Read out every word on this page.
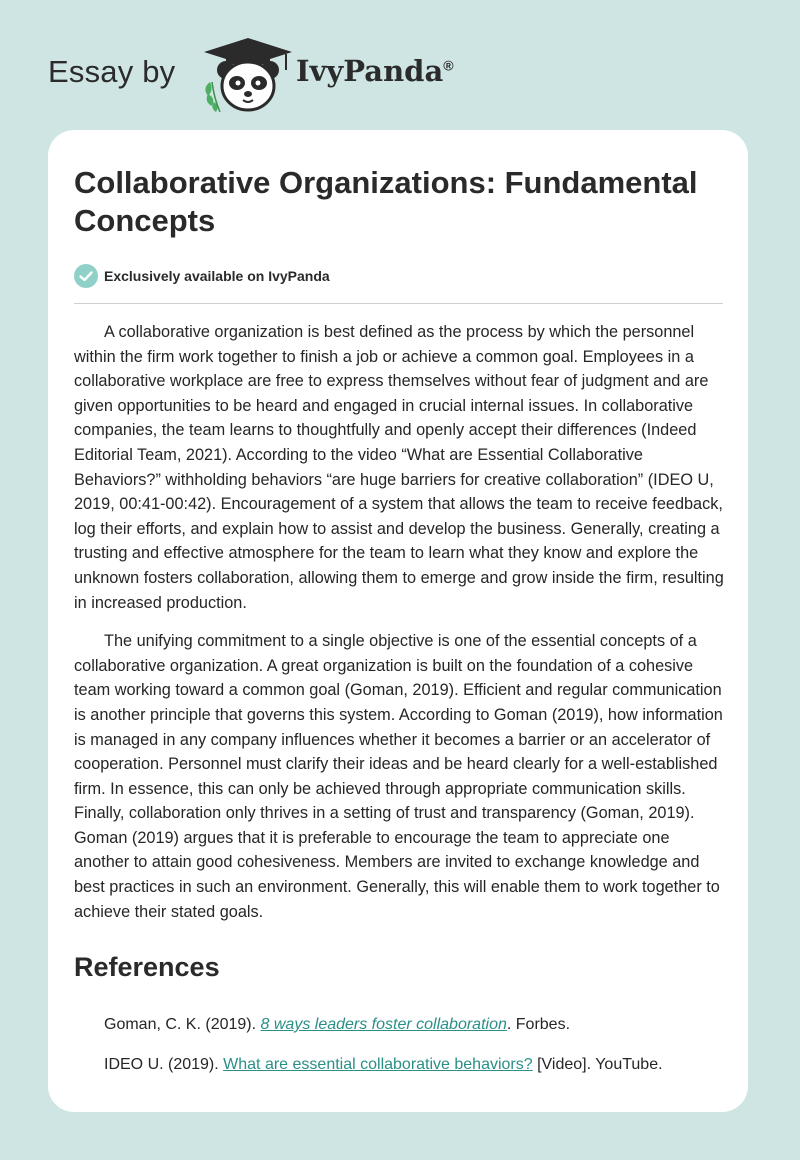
Essay by	IvyPanda®
Collaborative Organizations: Fundamental Concepts
Exclusively available on IvyPanda

A collaborative organization is best defined as the process by which the personnel within the firm work together to finish a job or achieve a common goal. Employees in a collaborative workplace are free to express themselves without fear of judgment and are given opportunities to be heard and engaged in crucial internal issues. In collaborative companies, the team learns to thoughtfully and openly accept their differences (Indeed Editorial Team, 2021). According to the video “What are Essential Collaborative Behaviors?” withholding behaviors “are huge barriers for creative collaboration” (IDEO U, 2019, 00:41-00:42). Encouragement of a system that allows the team to receive feedback, log their efforts, and explain how to assist and develop the business. Generally, creating a trusting and effective atmosphere for the team to learn what they know and explore the unknown fosters collaboration, allowing them to emerge and grow inside the firm, resulting in increased production.

The unifying commitment to a single objective is one of the essential concepts of a collaborative organization. A great organization is built on the foundation of a cohesive team working toward a common goal (Goman, 2019). Efficient and regular communication is another principle that governs this system. According to Goman (2019), how information is managed in any company influences whether it becomes a barrier or an accelerator of cooperation. Personnel must clarify their ideas and be heard clearly for a well-established firm. In essence, this can only be achieved through appropriate communication skills. Finally, collaboration only thrives in a setting of trust and transparency (Goman, 2019). Goman (2019) argues that it is preferable to encourage the team to appreciate one another to attain good cohesiveness. Members are invited to exchange knowledge and best practices in such an environment. Generally, this will enable them to work together to achieve their stated goals.

References

Goman, C. K. (2019). 8 ways leaders foster collaboration. Forbes.

IDEO U. (2019). What are essential collaborative behaviors? [Video]. YouTube.
